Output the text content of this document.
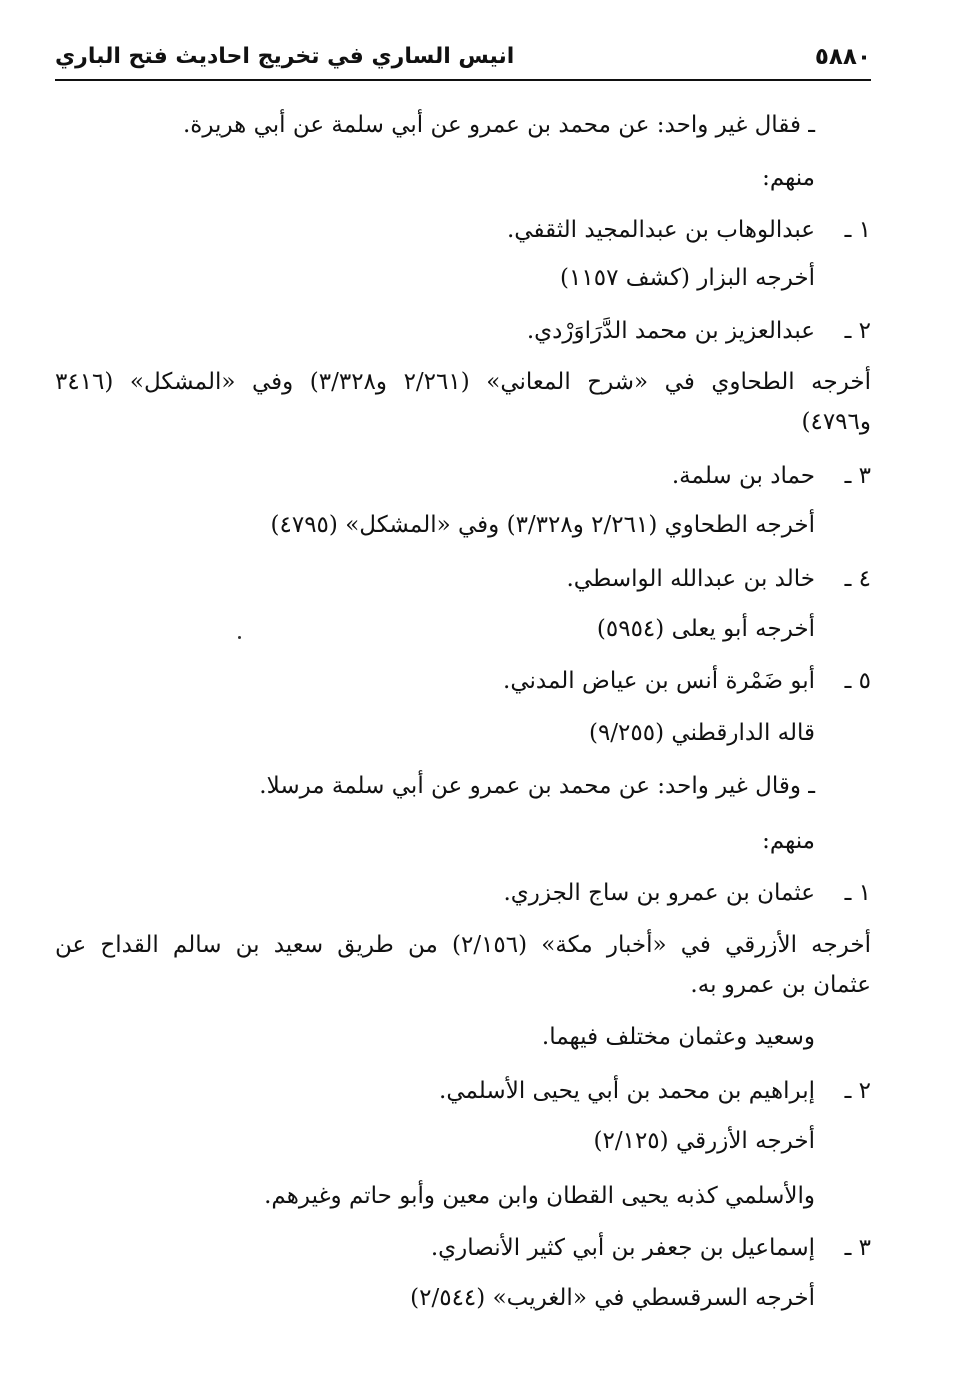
٥٨٨٠
انيس الساري في تخريج احاديث فتح الباري
ـ فقال غير واحد: عن محمد بن عمرو عن أبي سلمة عن أبي هريرة.
منهم:
١ ـ
عبدالوهاب بن عبدالمجيد الثقفي.
أخرجه البزار (كشف ١١٥٧)
٢ ـ
عبدالعزيز بن محمد الدَّرَاوَرْدي.
أخرجه الطحاوي في «شرح المعاني» (٢/٢٦١ و٣/٣٢٨) وفي «المشكل» (٣٤١٦
و٤٧٩٦)
٣ ـ
حماد بن سلمة.
أخرجه الطحاوي (٢/٢٦١ و٣/٣٢٨) وفي «المشكل» (٤٧٩٥)
٤ ـ
خالد بن عبدالله الواسطي.
أخرجه أبو يعلى (٥٩٥٤)
٥ ـ
أبو ضَمْرة أنس بن عياض المدني.
قاله الدارقطني (٩/٢٥٥)
ـ وقال غير واحد: عن محمد بن عمرو عن أبي سلمة مرسلا.
منهم:
١ ـ
عثمان بن عمرو بن ساج الجزري.
أخرجه الأزرقي في «أخبار مكة» (٢/١٥٦) من طريق سعيد بن سالم القداح عن
عثمان بن عمرو به.
وسعيد وعثمان مختلف فيهما.
٢ ـ
إبراهيم بن محمد بن أبي يحيى الأسلمي.
أخرجه الأزرقي (٢/١٢٥)
والأسلمي كذبه يحيى القطان وابن معين وأبو حاتم وغيرهم.
٣ ـ
إسماعيل بن جعفر بن أبي كثير الأنصاري.
أخرجه السرقسطي في «الغريب» (٢/٥٤٤)
